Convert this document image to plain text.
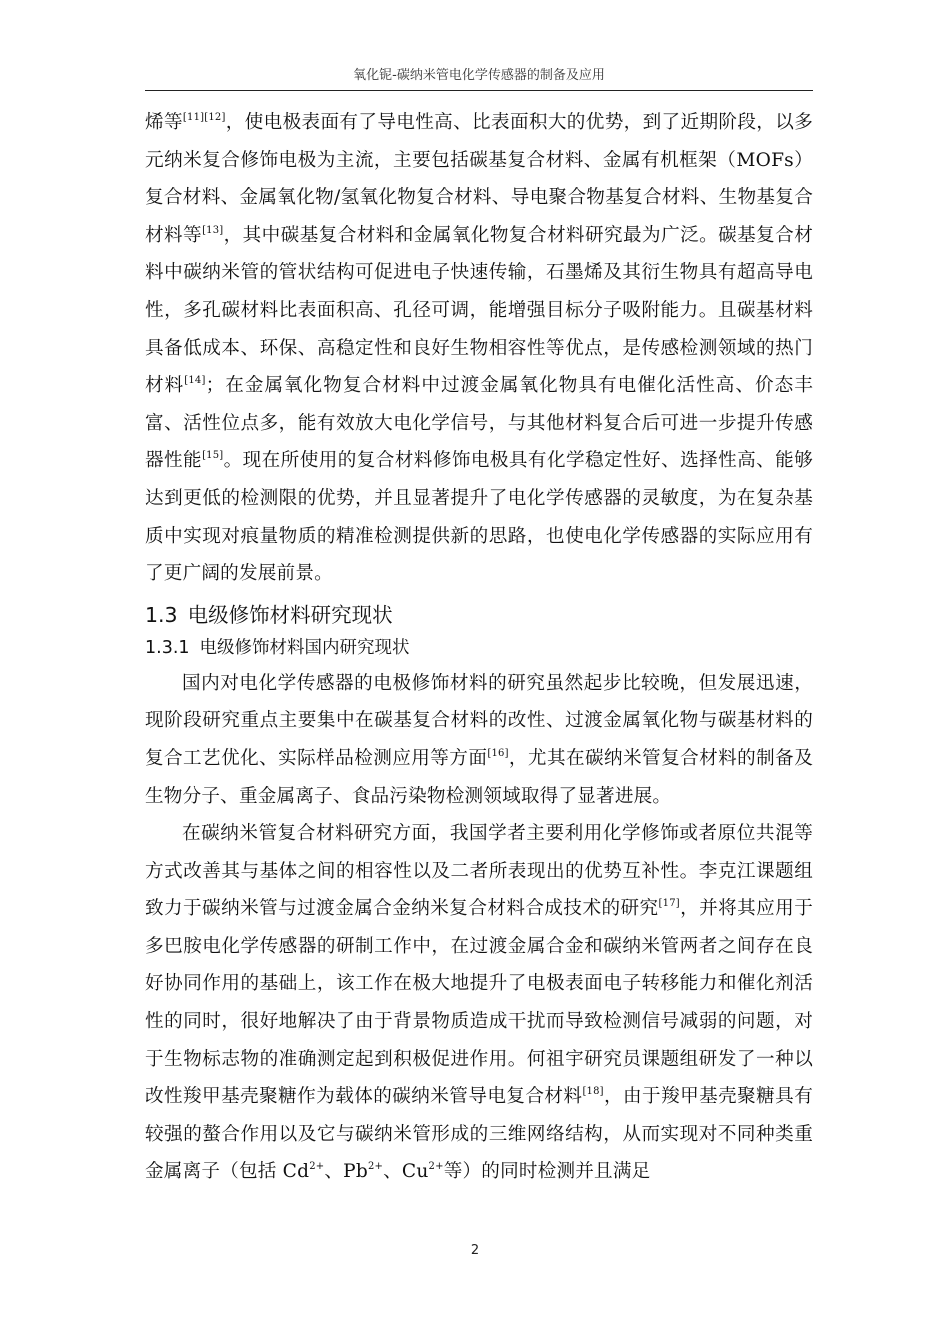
氧化铌-碳纳米管电化学传感器的制备及应用

烯等[11][12]，使电极表面有了导电性高、比表面积大的优势，到了近期阶段，以多元纳米复合修饰电极为主流，主要包括碳基复合材料、金属有机框架（MOFs）复合材料、金属氧化物/氢氧化物复合材料、导电聚合物基复合材料、生物基复合材料等[13]，其中碳基复合材料和金属氧化物复合材料研究最为广泛。碳基复合材料中碳纳米管的管状结构可促进电子快速传输，石墨烯及其衍生物具有超高导电性，多孔碳材料比表面积高、孔径可调，能增强目标分子吸附能力。且碳基材料具备低成本、环保、高稳定性和良好生物相容性等优点，是传感检测领域的热门材料[14]；在金属氧化物复合材料中过渡金属氧化物具有电催化活性高、价态丰富、活性位点多，能有效放大电化学信号，与其他材料复合后可进一步提升传感器性能[15]。现在所使用的复合材料修饰电极具有化学稳定性好、选择性高、能够达到更低的检测限的优势，并且显著提升了电化学传感器的灵敏度，为在复杂基质中实现对痕量物质的精准检测提供新的思路，也使电化学传感器的实际应用有了更广阔的发展前景。

1.3 电级修饰材料研究现状
1.3.1 电级修饰材料国内研究现状

国内对电化学传感器的电极修饰材料的研究虽然起步比较晚，但发展迅速，现阶段研究重点主要集中在碳基复合材料的改性、过渡金属氧化物与碳基材料的复合工艺优化、实际样品检测应用等方面[16]，尤其在碳纳米管复合材料的制备及生物分子、重金属离子、食品污染物检测领域取得了显著进展。

在碳纳米管复合材料研究方面，我国学者主要利用化学修饰或者原位共混等方式改善其与基体之间的相容性以及二者所表现出的优势互补性。李克江课题组致力于碳纳米管与过渡金属合金纳米复合材料合成技术的研究[17]，并将其应用于多巴胺电化学传感器的研制工作中，在过渡金属合金和碳纳米管两者之间存在良好协同作用的基础上，该工作在极大地提升了电极表面电子转移能力和催化剂活性的同时，很好地解决了由于背景物质造成干扰而导致检测信号减弱的问题，对于生物标志物的准确测定起到积极促进作用。何祖宇研究员课题组研发了一种以改性羧甲基壳聚糖作为载体的碳纳米管导电复合材料[18]，由于羧甲基壳聚糖具有较强的螯合作用以及它与碳纳米管形成的三维网络结构，从而实现对不同种类重金属离子（包括 $Cd^{2+}$、$Pb^{2+}$、$Cu^{2+}$等）的同时检测并且满足

2
